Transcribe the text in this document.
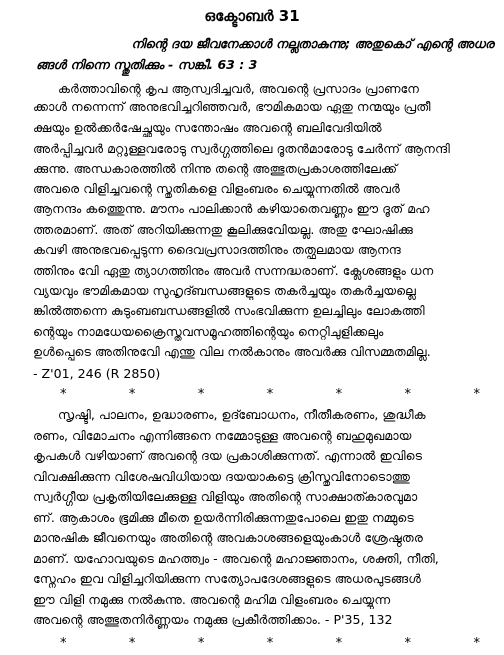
ഒക്ടോബർ 31
നിന്റെ ദയ ജീവനേക്കാൾ നല്ലതാകുന്നു; അതുകൊ് എന്റെ അധര
ങ്ങൾ നിന്നെ സ്തുതിക്കും - സങ്കീ. 63 : 3
കർത്താവിന്റെ കൃപ ആസ്വദിച്ചവർ, അവന്റെ പ്രസാദം പ്രാണനേ
ക്കാൾ നന്നെന്ന് അനുഭവിച്ചറിഞ്ഞവർ, ഭൗമികമായ ഏതു നന്മയും പ്രതീ
ക്ഷയും ഉൽക്കർഷേച്ഛയും സന്തോഷം അവന്റെ ബലിവേദിയിൽ
അർപ്പിച്ചവർ മറ്റുള്ളവരോടു സ്വർഗ്ഗത്തിലെ ദൂതൻമാരോടു ചേർന്ന് ആനന്ദി
ക്കുന്നു. അന്ധകാരത്തിൽ നിന്നു തന്റെ അത്ഭുതപ്രകാശത്തിലേക്ക്
അവരെ വിളിച്ചവന്റെ സ്തുതികളെ വിളംബരം ചെയ്യുന്നതിൽ അവർ
ആനന്ദം കത്തെുന്നു. മൗനം പാലിക്കാൻ കഴിയാതെവണ്ണം ഈ ദൂത് മഹ
ത്തരമാണ്. അത് അറിയിക്കുന്നതു കൂലിക്കുവേിയല്ല. അതു ഘോഷിക്കു
കവഴി അനുഭവപ്പെടുന്ന ദൈവപ്രസാദത്തിനും തത്ഫലമായ ആനന്ദ
ത്തിനും വേി ഏതു ത്യാഗത്തിനും അവർ സന്നദ്ധരാണ്. ക്ലേശങ്ങളും ധന
വ്യയവും ഭൗമികമായ സുഹൃദ്ബന്ധങ്ങളുടെ തകർച്ചയും തകർച്ചയല്ലെ
ങ്കിൽത്തന്നെ കുടുംബബന്ധങ്ങളിൽ സംഭവിക്കുന്ന ഉലച്ചിലും ലോകത്തി
ന്റെയും നാമധേയക്രൈസ്തവസമൂഹത്തിന്റെയും നെറ്റിചുളിക്കലും
ഉൾപ്പെടെ അതിനുവേി എന്തു വില നൽകാനും അവർക്കു വിസമ്മതമില്ല.
- Z'01, 246 (R 2850)
*	*	*	*	*	*	*
സൃഷ്ടി, പാലനം, ഉദ്ധാരണം, ഉദ്ബോധനം, നീതീകരണം, ശുദ്ധീക
രണം, വിമോചനം എന്നിങ്ങനെ നമ്മോടുള്ള അവന്റെ ബഹുമുഖമായ
കൃപകൾ വഴിയാണ് അവന്റെ ദയ പ്രകാശിക്കുന്നത്. എന്നാൽ ഇവിടെ
വിവക്ഷിക്കുന്ന വിശേഷവിധിയായ ദയയാകട്ടെ ക്രിസ്തുവിനോടൊത്തു
സ്വർഗ്ഗീയ പ്രകൃതിയിലേക്കുള്ള വിളിയും അതിന്റെ സാക്ഷാത്കാരവുമാ
ണ്. ആകാശം ഭൂമിക്കു മീതെ ഉയർന്നിരിക്കുന്നതുപോലെ ഇതു നമ്മുടെ
മാനുഷിക ജീവനെയും അതിന്റെ അവകാശങ്ങളെയുംകാൾ ശ്രേഷ്ഠതര
മാണ്. യഹോവയുടെ മഹത്ത്വം - അവന്റെ മഹാജ്ഞാനം, ശക്തി, നീതി,
സ്നേഹം ഇവ വിളിച്ചറിയിക്കുന്ന സത്യോപദേശങ്ങളുടെ അധരപുടങ്ങൾ
ഈ വിളി നമുക്കു നൽകുന്നു. അവന്റെ മഹിമ വിളംബരം ചെയ്യുന്ന
അവന്റെ അത്ഭുതനിർണ്ണയം നമുക്കു പ്രകീർത്തിക്കാം. - P'35, 132
*	*	*	*	*	*	*
